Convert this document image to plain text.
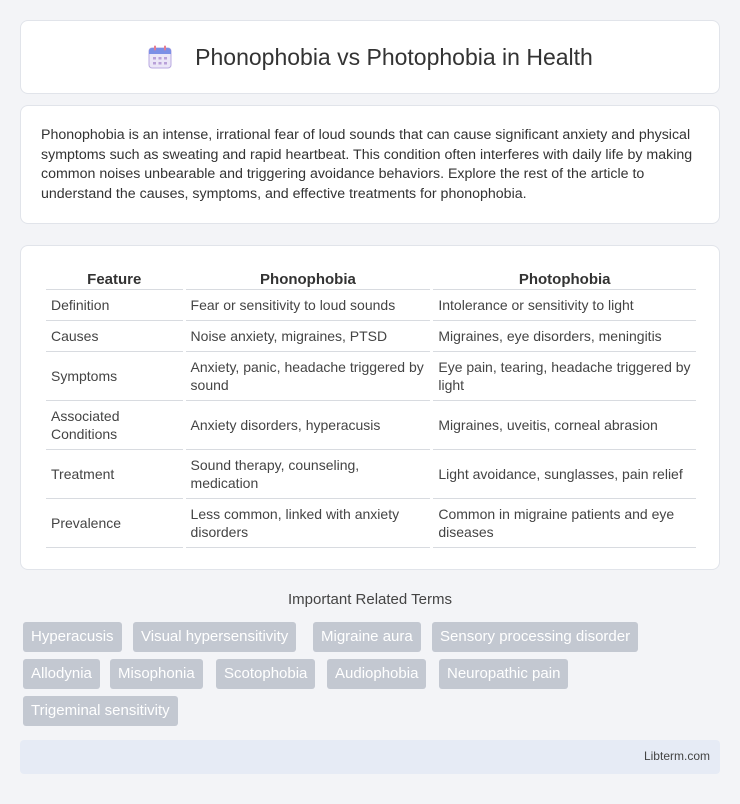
Phonophobia vs Photophobia in Health

Phonophobia is an intense, irrational fear of loud sounds that can cause significant anxiety and physical symptoms such as sweating and rapid heartbeat. This condition often interferes with daily life by making common noises unbearable and triggering avoidance behaviors. Explore the rest of the article to understand the causes, symptoms, and effective treatments for phonophobia.

Feature	Phonophobia	Photophobia
Definition	Fear or sensitivity to loud sounds	Intolerance or sensitivity to light
Causes	Noise anxiety, migraines, PTSD	Migraines, eye disorders, meningitis
Symptoms	Anxiety, panic, headache triggered by sound	Eye pain, tearing, headache triggered by light
Associated Conditions	Anxiety disorders, hyperacusis	Migraines, uveitis, corneal abrasion
Treatment	Sound therapy, counseling, medication	Light avoidance, sunglasses, pain relief
Prevalence	Less common, linked with anxiety disorders	Common in migraine patients and eye diseases
Important Related Terms
Hyperacusis	Visual hypersensitivity	Migraine aura	Sensory processing disorder
Allodynia	Misophonia	Scotophobia	Audiophobia	Neuropathic pain
Trigeminal sensitivity
Libterm.com
